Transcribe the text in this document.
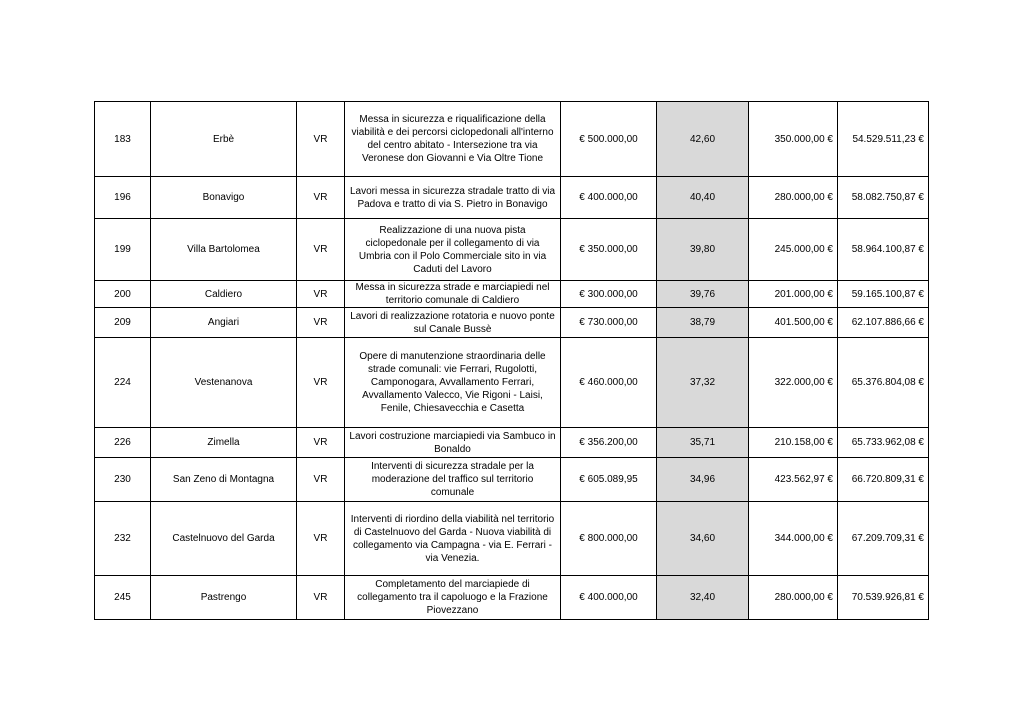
183	Erbè	VR	Messa in sicurezza e riqualificazione della viabilità e dei percorsi ciclopedonali all'interno del centro abitato - Intersezione tra via Veronese don Giovanni e Via Oltre Tione	€ 500.000,00	42,60	350.000,00 €	54.529.511,23 €
196	Bonavigo	VR	Lavori messa in sicurezza stradale tratto di via Padova e tratto di via S. Pietro in Bonavigo	€ 400.000,00	40,40	280.000,00 €	58.082.750,87 €
199	Villa Bartolomea	VR	Realizzazione di una nuova pista ciclopedonale per il collegamento di via Umbria con il Polo Commerciale sito in via Caduti del Lavoro	€ 350.000,00	39,80	245.000,00 €	58.964.100,87 €
200	Caldiero	VR	Messa in sicurezza strade e marciapiedi nel territorio comunale di Caldiero	€ 300.000,00	39,76	201.000,00 €	59.165.100,87 €
209	Angiari	VR	Lavori di realizzazione rotatoria e nuovo ponte sul Canale Bussè	€ 730.000,00	38,79	401.500,00 €	62.107.886,66 €
224	Vestenanova	VR	Opere di manutenzione straordinaria delle strade comunali: vie Ferrari, Rugolotti, Camponogara, Avvallamento Ferrari, Avvallamento Valecco, Vie Rigoni - Laisi, Fenile, Chiesavecchia e Casetta	€ 460.000,00	37,32	322.000,00 €	65.376.804,08 €
226	Zimella	VR	Lavori costruzione marciapiedi via Sambuco in Bonaldo	€ 356.200,00	35,71	210.158,00 €	65.733.962,08 €
230	San Zeno di Montagna	VR	Interventi di sicurezza stradale per la moderazione del traffico sul territorio comunale	€ 605.089,95	34,96	423.562,97 €	66.720.809,31 €
232	Castelnuovo del Garda	VR	Interventi di riordino della viabilità nel territorio di Castelnuovo del Garda - Nuova viabilità di collegamento via Campagna - via E. Ferrari - via Venezia.	€ 800.000,00	34,60	344.000,00 €	67.209.709,31 €
245	Pastrengo	VR	Completamento del marciapiede di collegamento tra il capoluogo e la Frazione Piovezzano	€ 400.000,00	32,40	280.000,00 €	70.539.926,81 €
